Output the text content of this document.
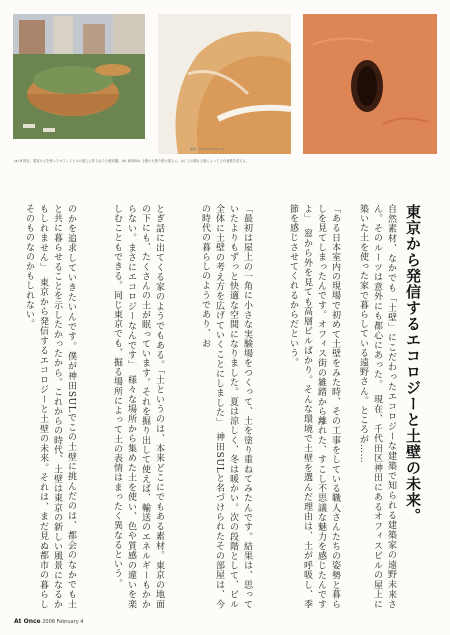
撮影：Takeomi Noguchi
(a) B 段目、屋室の土を使ったオフィスビルの屋上に作られた土壁岩盤。(b) 神田SUL 土壁の大塗り壁の屋上に。(c) 上の塗れ土壁によって土の表情を変える。
東京から発信するエコロジーと土壁の未来。
自然素材、なかでも「土壁」にこだわったエコロジーな建築で知られる建築家の遠野未来さん。そのルーツは意外にも都心にあった。　現在、千代田区神田にあるオフィスビルの屋上に築いた土を使った家で暮らしている遠野さん。ところが……
「ある日本室内の現場で初めて土壁をみた時、その工事をしている職人さんたちの姿勢と暮らしを見てしまったんです。オフィス街の雑踏から離れた、すこし不思議な魅力を感じたんですよ」　窓から外を見ても高層ビルばかり。そんな環境で土壁を選んだ理由は、土が呼吸し、季節を感じさせてくれるからだという。
「最初は屋上の一角に小さな実験場をつくって、土を塗り重ねてみたんです。結果は、思っていたよりもずっと快適な空間になりました。夏は涼しく、冬は暖かい。次の段階として、ビル全体に土壁の考え方を広げていくことにしました」　神田SULと名づけられたその部屋は、今の時代の暮らしのようであり、お
とぎ話に出てくる家のようでもある。「土というのは、本来どこにでもある素材。東京の地面の下にも、たくさんの土が眠っています。それを掘り出して使えば、輸送のエネルギーもかからない。まさにエコロジーなんです」　様々な場所から集めた土を使い、色や質感の違いを楽しむこともできる。同じ東京でも、掘る場所によって土の表情はまったく異なるという。
のかを追求していきたいんです。僕が神田SULでこの土壁に挑んだのは、都会のなかでも土と共に暮らせることを示したかったから。これからの時代、土壁は東京の新しい風景になるかもしれません」　東京から発信するエコロジーと土壁の未来。それは、まだ見ぬ都市の暮らしそのものなのかもしれない。
At Once 2008 February 4
